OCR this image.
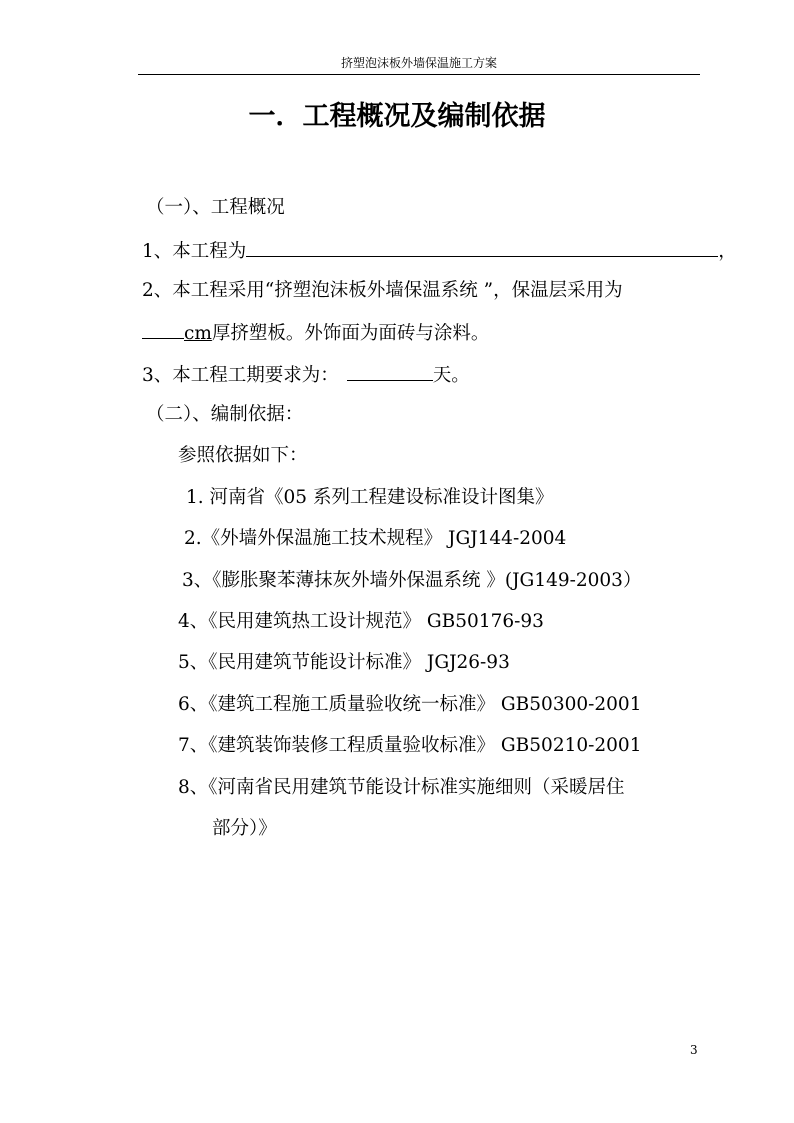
挤塑泡沫板外墙保温施工方案
一．工程概况及编制依据
（一）、工程概况
1、本工程为	，
2、本工程采用“挤塑泡沫板外墙保温系统 ”，保温层采用为
cm厚挤塑板。外饰面为面砖与涂料。
3、本工程工期要求为：	天。
（二）、编制依据：
参照依据如下：
1. 河南省《05 系列工程建设标准设计图集》
2.《外墙外保温施工技术规程》 JGJ144-2004
3、《膨胀聚苯薄抹灰外墙外保温系统 》(JG149-2003）
4、《民用建筑热工设计规范》 GB50176-93
5、《民用建筑节能设计标准》 JGJ26-93
6、《建筑工程施工质量验收统一标准》 GB50300-2001
7、《建筑装饰装修工程质量验收标准》 GB50210-2001
8、《河南省民用建筑节能设计标准实施细则（采暖居住
部分）》
3
